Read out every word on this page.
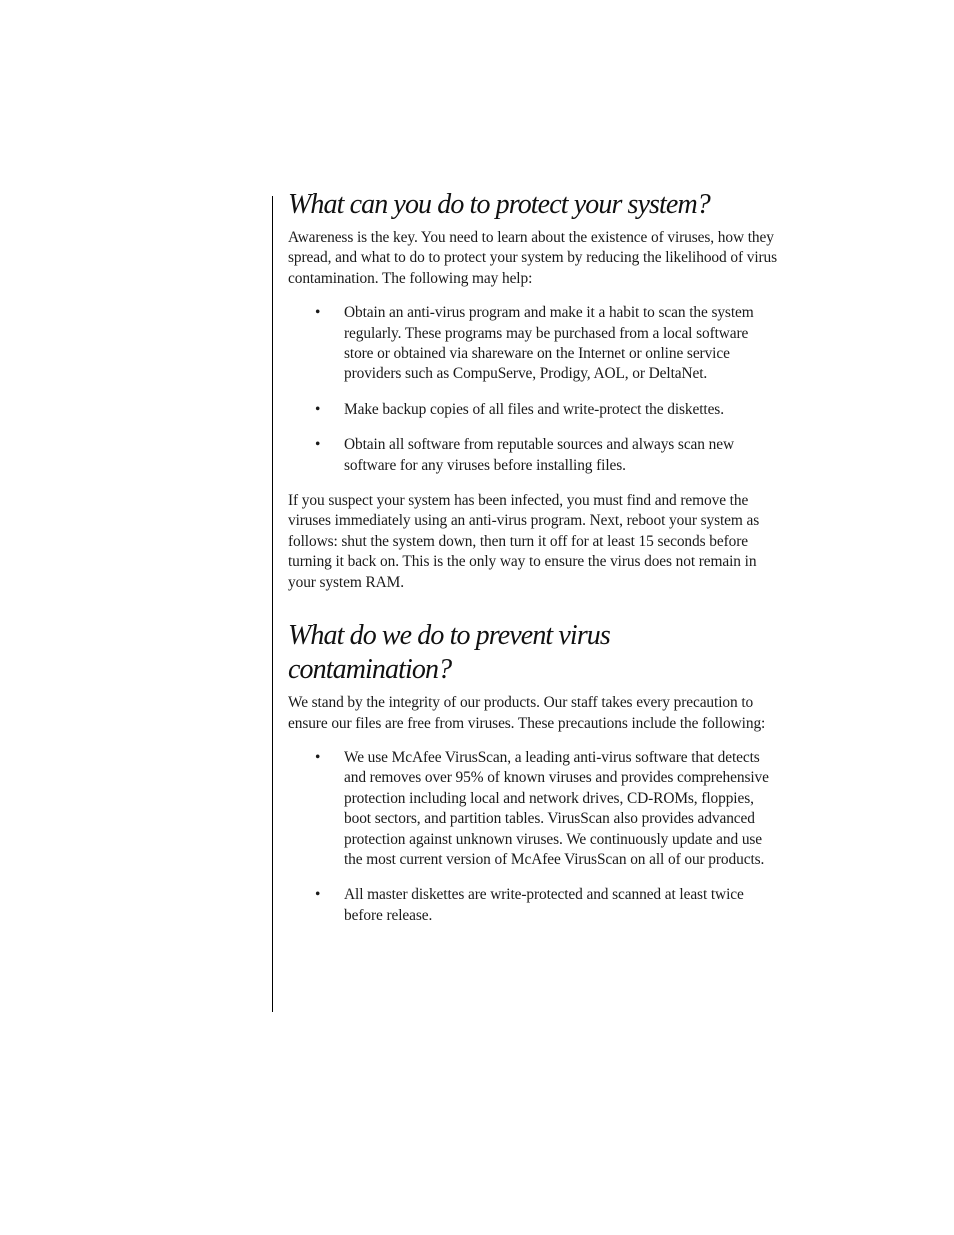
What can you do to protect your system?

Awareness is the key. You need to learn about the existence of viruses, how they spread, and what to do to protect your system by reducing the likelihood of virus contamination. The following may help:

• Obtain an anti-virus program and make it a habit to scan the system regularly. These programs may be purchased from a local software store or obtained via shareware on the Internet or online service providers such as CompuServe, Prodigy, AOL, or DeltaNet.
• Make backup copies of all files and write-protect the diskettes.
• Obtain all software from reputable sources and always scan new software for any viruses before installing files.

If you suspect your system has been infected, you must find and remove the viruses immediately using an anti-virus program. Next, reboot your system as follows: shut the system down, then turn it off for at least 15 seconds before turning it back on. This is the only way to ensure the virus does not remain in your system RAM.

What do we do to prevent virus contamination?

We stand by the integrity of our products. Our staff takes every precaution to ensure our files are free from viruses. These precautions include the following:

• We use McAfee VirusScan, a leading anti-virus software that detects and removes over 95% of known viruses and provides comprehensive protection including local and network drives, CD-ROMs, floppies, boot sectors, and partition tables. VirusScan also provides advanced protection against unknown viruses. We continuously update and use the most current version of McAfee VirusScan on all of our products.
• All master diskettes are write-protected and scanned at least twice before release.
